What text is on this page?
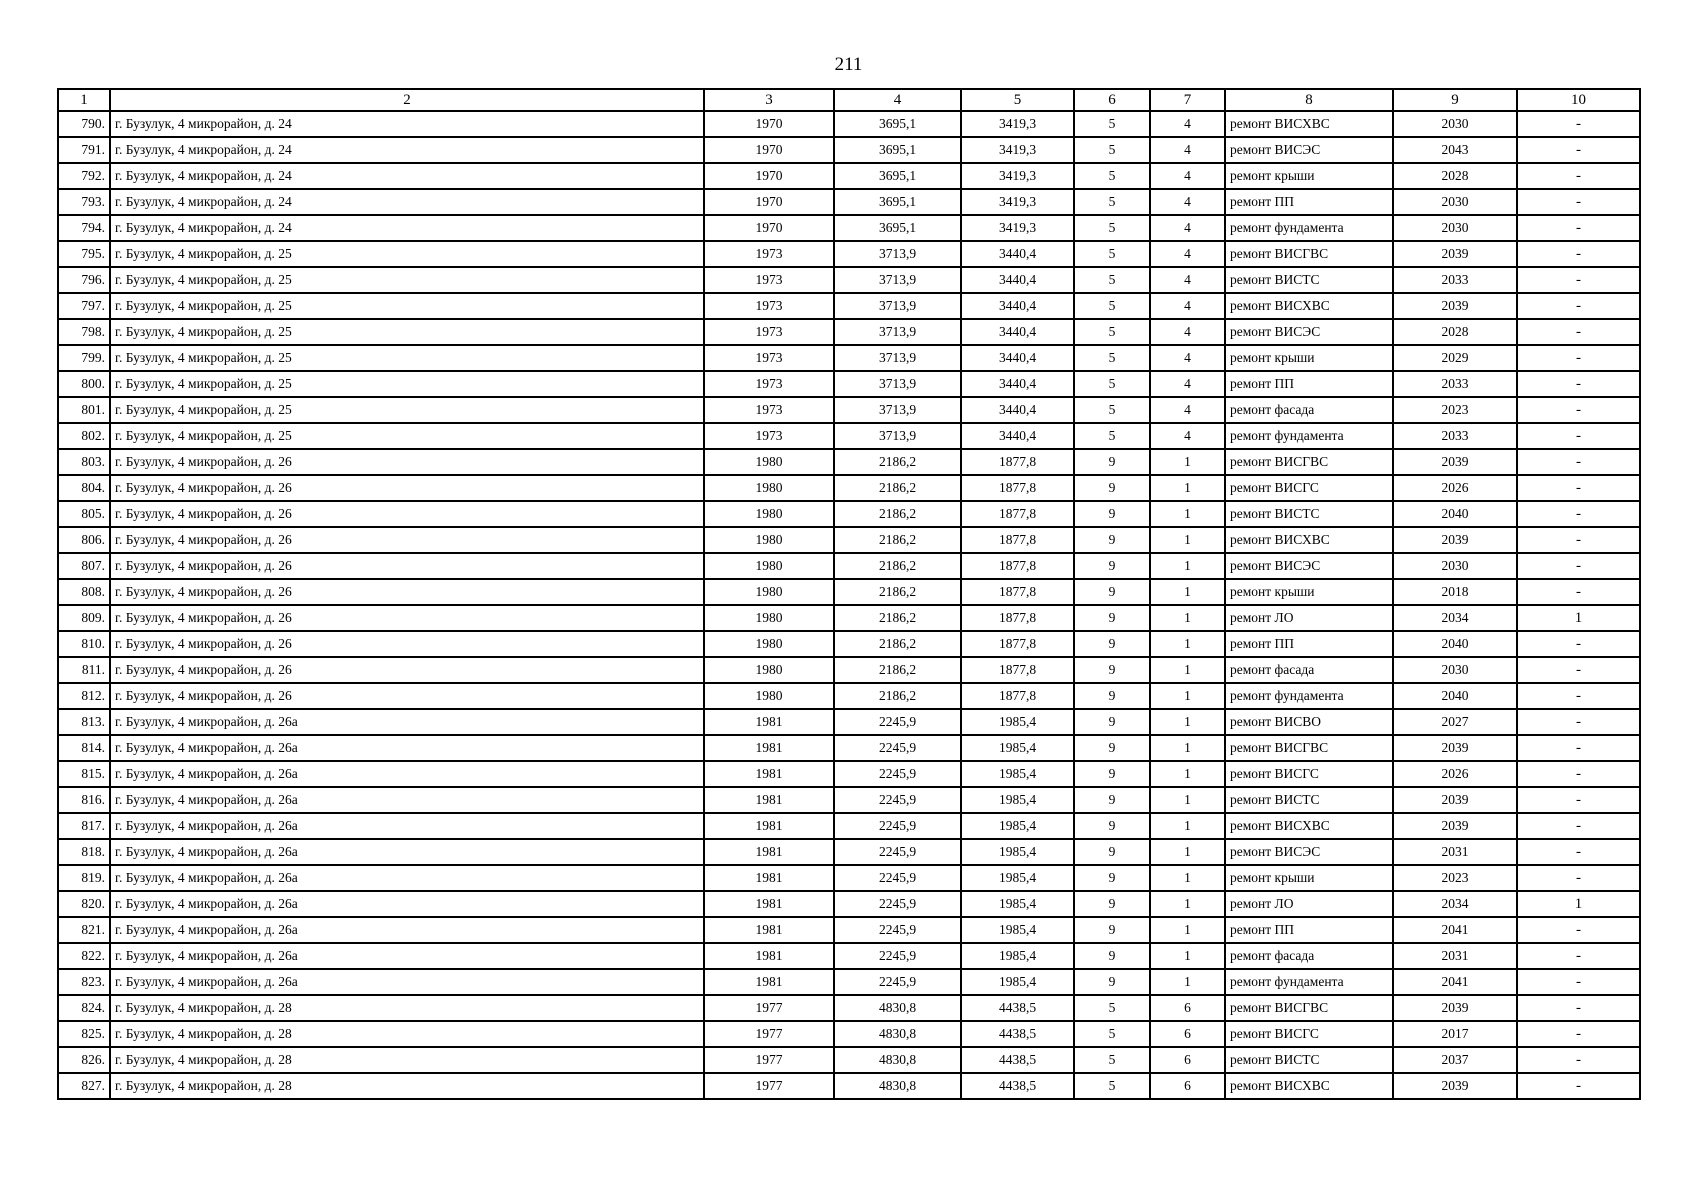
211
1	2	3	4	5	6	7	8	9	10
790.	г. Бузулук, 4 микрорайон, д. 24	1970	3695,1	3419,3	5	4	ремонт ВИСХВС	2030	-
791.	г. Бузулук, 4 микрорайон, д. 24	1970	3695,1	3419,3	5	4	ремонт ВИСЭС	2043	-
792.	г. Бузулук, 4 микрорайон, д. 24	1970	3695,1	3419,3	5	4	ремонт крыши	2028	-
793.	г. Бузулук, 4 микрорайон, д. 24	1970	3695,1	3419,3	5	4	ремонт ПП	2030	-
794.	г. Бузулук, 4 микрорайон, д. 24	1970	3695,1	3419,3	5	4	ремонт фундамента	2030	-
795.	г. Бузулук, 4 микрорайон, д. 25	1973	3713,9	3440,4	5	4	ремонт ВИСГВС	2039	-
796.	г. Бузулук, 4 микрорайон, д. 25	1973	3713,9	3440,4	5	4	ремонт ВИСТС	2033	-
797.	г. Бузулук, 4 микрорайон, д. 25	1973	3713,9	3440,4	5	4	ремонт ВИСХВС	2039	-
798.	г. Бузулук, 4 микрорайон, д. 25	1973	3713,9	3440,4	5	4	ремонт ВИСЭС	2028	-
799.	г. Бузулук, 4 микрорайон, д. 25	1973	3713,9	3440,4	5	4	ремонт крыши	2029	-
800.	г. Бузулук, 4 микрорайон, д. 25	1973	3713,9	3440,4	5	4	ремонт ПП	2033	-
801.	г. Бузулук, 4 микрорайон, д. 25	1973	3713,9	3440,4	5	4	ремонт фасада	2023	-
802.	г. Бузулук, 4 микрорайон, д. 25	1973	3713,9	3440,4	5	4	ремонт фундамента	2033	-
803.	г. Бузулук, 4 микрорайон, д. 26	1980	2186,2	1877,8	9	1	ремонт ВИСГВС	2039	-
804.	г. Бузулук, 4 микрорайон, д. 26	1980	2186,2	1877,8	9	1	ремонт ВИСГС	2026	-
805.	г. Бузулук, 4 микрорайон, д. 26	1980	2186,2	1877,8	9	1	ремонт ВИСТС	2040	-
806.	г. Бузулук, 4 микрорайон, д. 26	1980	2186,2	1877,8	9	1	ремонт ВИСХВС	2039	-
807.	г. Бузулук, 4 микрорайон, д. 26	1980	2186,2	1877,8	9	1	ремонт ВИСЭС	2030	-
808.	г. Бузулук, 4 микрорайон, д. 26	1980	2186,2	1877,8	9	1	ремонт крыши	2018	-
809.	г. Бузулук, 4 микрорайон, д. 26	1980	2186,2	1877,8	9	1	ремонт ЛО	2034	1
810.	г. Бузулук, 4 микрорайон, д. 26	1980	2186,2	1877,8	9	1	ремонт ПП	2040	-
811.	г. Бузулук, 4 микрорайон, д. 26	1980	2186,2	1877,8	9	1	ремонт фасада	2030	-
812.	г. Бузулук, 4 микрорайон, д. 26	1980	2186,2	1877,8	9	1	ремонт фундамента	2040	-
813.	г. Бузулук, 4 микрорайон, д. 26а	1981	2245,9	1985,4	9	1	ремонт ВИСВО	2027	-
814.	г. Бузулук, 4 микрорайон, д. 26а	1981	2245,9	1985,4	9	1	ремонт ВИСГВС	2039	-
815.	г. Бузулук, 4 микрорайон, д. 26а	1981	2245,9	1985,4	9	1	ремонт ВИСГС	2026	-
816.	г. Бузулук, 4 микрорайон, д. 26а	1981	2245,9	1985,4	9	1	ремонт ВИСТС	2039	-
817.	г. Бузулук, 4 микрорайон, д. 26а	1981	2245,9	1985,4	9	1	ремонт ВИСХВС	2039	-
818.	г. Бузулук, 4 микрорайон, д. 26а	1981	2245,9	1985,4	9	1	ремонт ВИСЭС	2031	-
819.	г. Бузулук, 4 микрорайон, д. 26а	1981	2245,9	1985,4	9	1	ремонт крыши	2023	-
820.	г. Бузулук, 4 микрорайон, д. 26а	1981	2245,9	1985,4	9	1	ремонт ЛО	2034	1
821.	г. Бузулук, 4 микрорайон, д. 26а	1981	2245,9	1985,4	9	1	ремонт ПП	2041	-
822.	г. Бузулук, 4 микрорайон, д. 26а	1981	2245,9	1985,4	9	1	ремонт фасада	2031	-
823.	г. Бузулук, 4 микрорайон, д. 26а	1981	2245,9	1985,4	9	1	ремонт фундамента	2041	-
824.	г. Бузулук, 4 микрорайон, д. 28	1977	4830,8	4438,5	5	6	ремонт ВИСГВС	2039	-
825.	г. Бузулук, 4 микрорайон, д. 28	1977	4830,8	4438,5	5	6	ремонт ВИСГС	2017	-
826.	г. Бузулук, 4 микрорайон, д. 28	1977	4830,8	4438,5	5	6	ремонт ВИСТС	2037	-
827.	г. Бузулук, 4 микрорайон, д. 28	1977	4830,8	4438,5	5	6	ремонт ВИСХВС	2039	-
